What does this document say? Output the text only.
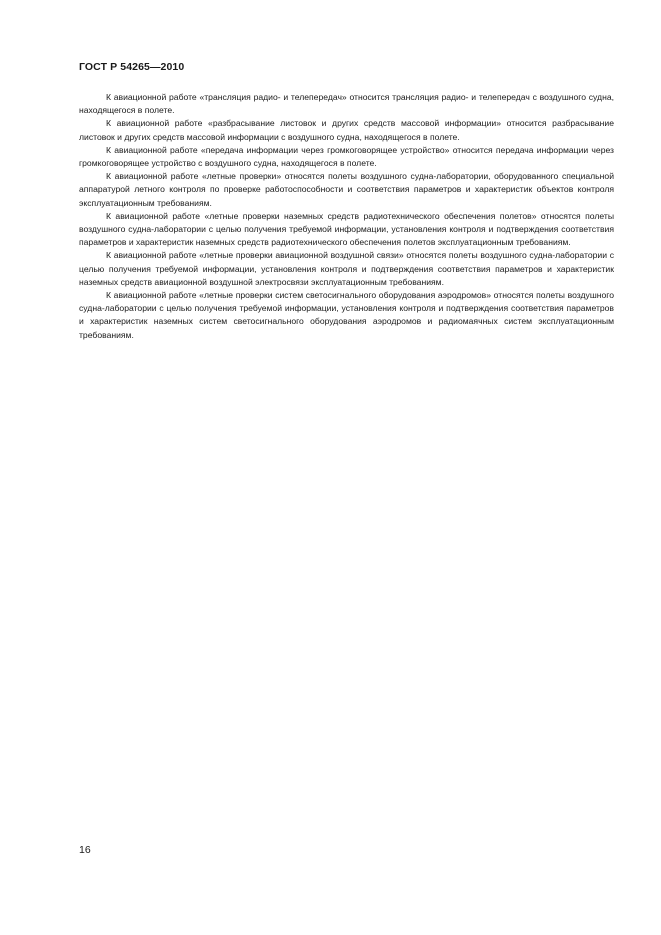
ГОСТ Р 54265—2010

К авиационной работе «трансляция радио- и телепередач» относится трансляция радио- и телепередач с воздушного судна, находящегося в полете.

К авиационной работе «разбрасывание листовок и других средств массовой информации» относится разбрасывание листовок и других средств массовой информации с воздушного судна, находящегося в полете.

К авиационной работе «передача информации через громкоговорящее устройство» относится передача информации через громкоговорящее устройство с воздушного судна, находящегося в полете.

К авиационной работе «летные проверки» относятся полеты воздушного судна-лаборатории, оборудованного специальной аппаратурой летного контроля по проверке работоспособности и соответствия параметров и характеристик объектов контроля эксплуатационным требованиям.

К авиационной работе «летные проверки наземных средств радиотехнического обеспечения полетов» относятся полеты воздушного судна-лаборатории с целью получения требуемой информации, установления контроля и подтверждения соответствия параметров и характеристик наземных средств радиотехнического обеспечения полетов эксплуатационным требованиям.

К авиационной работе «летные проверки авиационной воздушной связи» относятся полеты воздушного судна-лаборатории с целью получения требуемой информации, установления контроля и подтверждения соответствия параметров и характеристик наземных средств авиационной воздушной электросвязи эксплуатационным требованиям.

К авиационной работе «летные проверки систем светосигнального оборудования аэродромов» относятся полеты воздушного судна-лаборатории с целью получения требуемой информации, установления контроля и подтверждения соответствия параметров и характеристик наземных систем светосигнального оборудования аэродромов и радиомаячных систем эксплуатационным требованиям.

16
